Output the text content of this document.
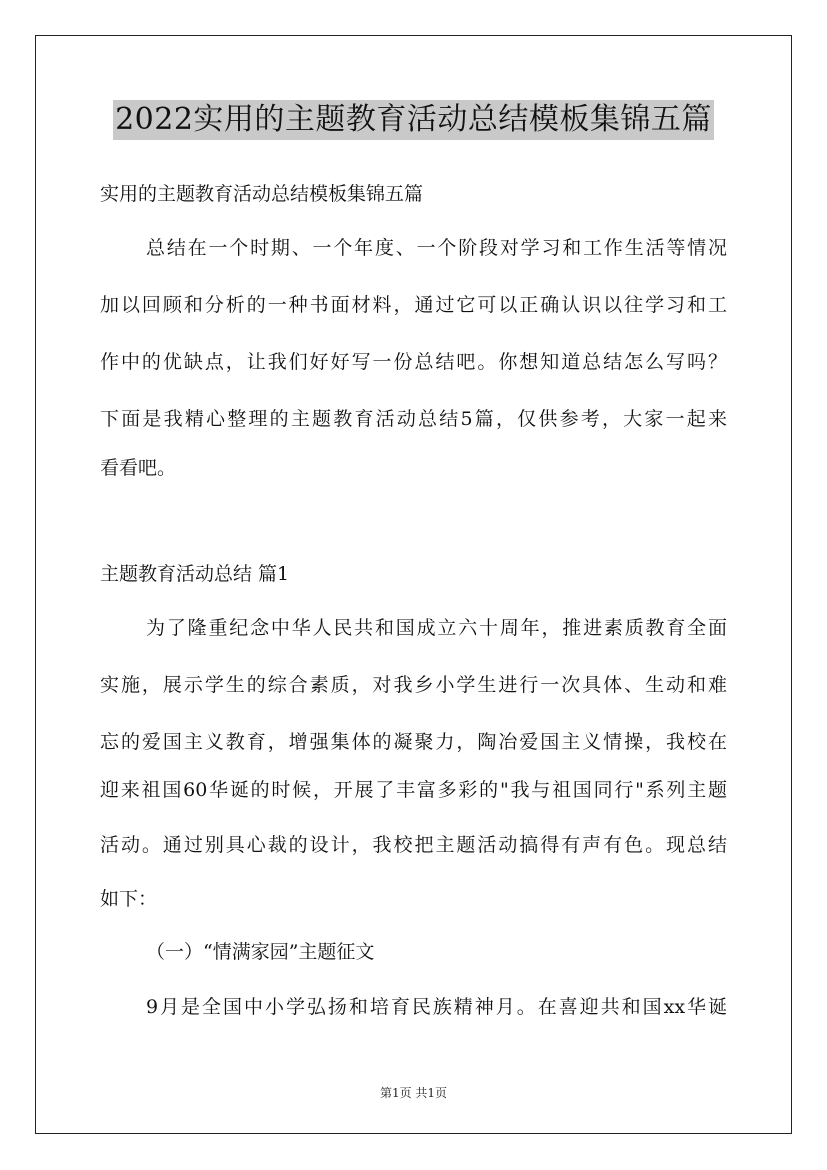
2022实用的主题教育活动总结模板集锦五篇
实用的主题教育活动总结模板集锦五篇
总结在一个时期、一个年度、一个阶段对学习和工作生活等情况
加以回顾和分析的一种书面材料，通过它可以正确认识以往学习和工
作中的优缺点，让我们好好写一份总结吧。你想知道总结怎么写吗？
下面是我精心整理的主题教育活动总结5篇，仅供参考，大家一起来
看看吧。
主题教育活动总结 篇1
为了隆重纪念中华人民共和国成立六十周年，推进素质教育全面
实施，展示学生的综合素质，对我乡小学生进行一次具体、生动和难
忘的爱国主义教育，增强集体的凝聚力，陶冶爱国主义情操，我校在
迎来祖国60华诞的时候，开展了丰富多彩的"我与祖国同行"系列主题
活动。通过别具心裁的设计，我校把主题活动搞得有声有色。现总结
如下：
（一）“情满家园”主题征文
9月是全国中小学弘扬和培育民族精神月。在喜迎共和国xx华诞
第1页 共1页
